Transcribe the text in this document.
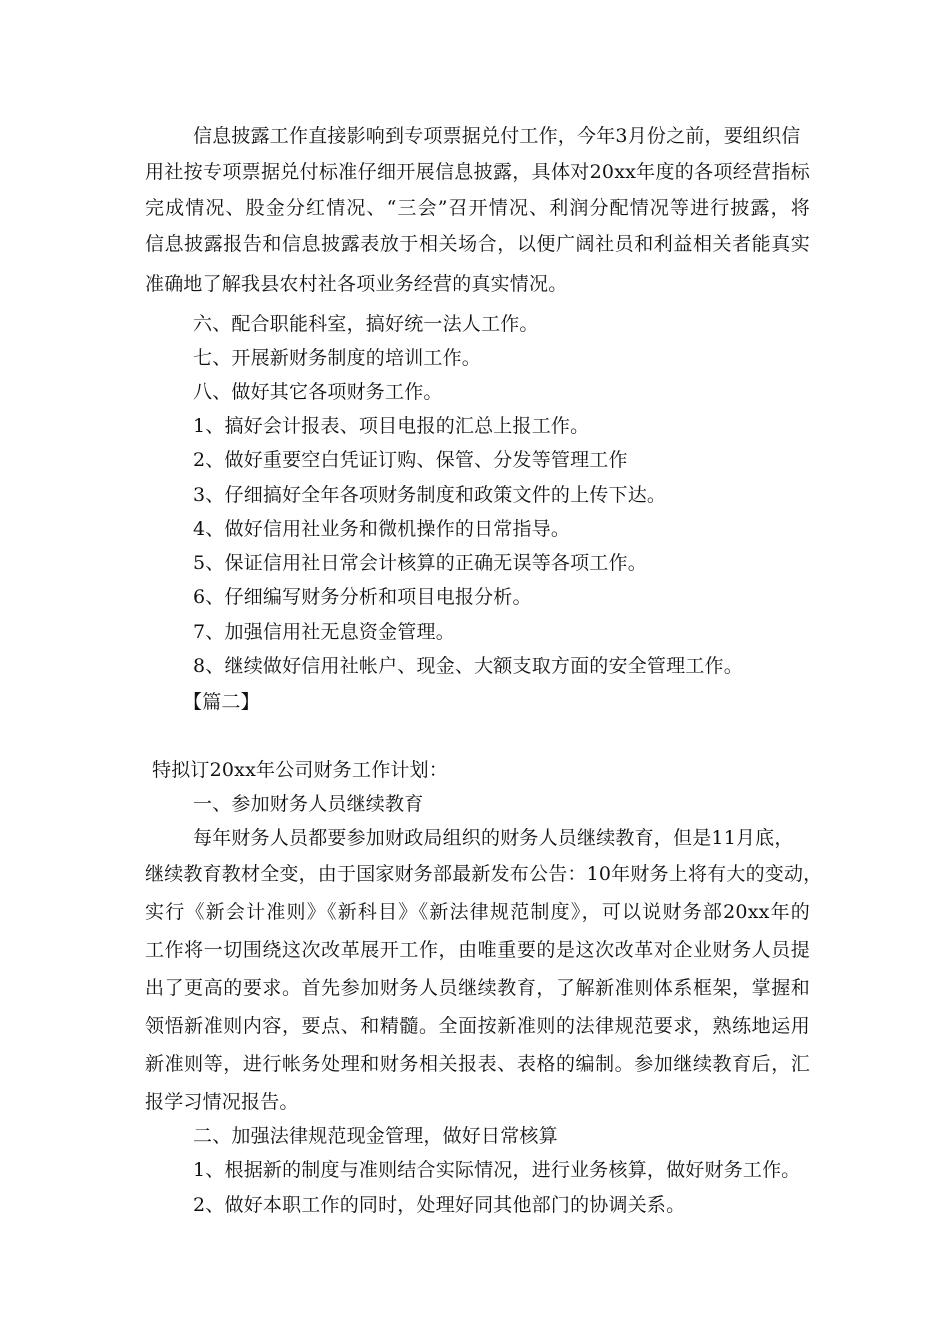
信息披露工作直接影响到专项票据兑付工作，今年3月份之前，要组织信
用社按专项票据兑付标准仔细开展信息披露，具体对20xx年度的各项经营指标
完成情况、股金分红情况、“三会”召开情况、利润分配情况等进行披露，将
信息披露报告和信息披露表放于相关场合，以便广阔社员和利益相关者能真实
准确地了解我县农村社各项业务经营的真实情况。
六、配合职能科室，搞好统一法人工作。
七、开展新财务制度的培训工作。
八、做好其它各项财务工作。
1、搞好会计报表、项目电报的汇总上报工作。
2、做好重要空白凭证订购、保管、分发等管理工作
3、仔细搞好全年各项财务制度和政策文件的上传下达。
4、做好信用社业务和微机操作的日常指导。
5、保证信用社日常会计核算的正确无误等各项工作。
6、仔细编写财务分析和项目电报分析。
7、加强信用社无息资金管理。
8、继续做好信用社帐户、现金、大额支取方面的安全管理工作。
【篇二】
特拟订20xx年公司财务工作计划：
一、参加财务人员继续教育
每年财务人员都要参加财政局组织的财务人员继续教育，但是11月底，
继续教育教材全变，由于国家财务部最新发布公告：10年财务上将有大的变动，
实行《新会计准则》《新科目》《新法律规范制度》，可以说财务部20xx年的
工作将一切围绕这次改革展开工作，由唯重要的是这次改革对企业财务人员提
出了更高的要求。首先参加财务人员继续教育，了解新准则体系框架，掌握和
领悟新准则内容，要点、和精髓。全面按新准则的法律规范要求，熟练地运用
新准则等，进行帐务处理和财务相关报表、表格的编制。参加继续教育后，汇
报学习情况报告。
二、加强法律规范现金管理，做好日常核算
1、根据新的制度与准则结合实际情况，进行业务核算，做好财务工作。
2、做好本职工作的同时，处理好同其他部门的协调关系。
